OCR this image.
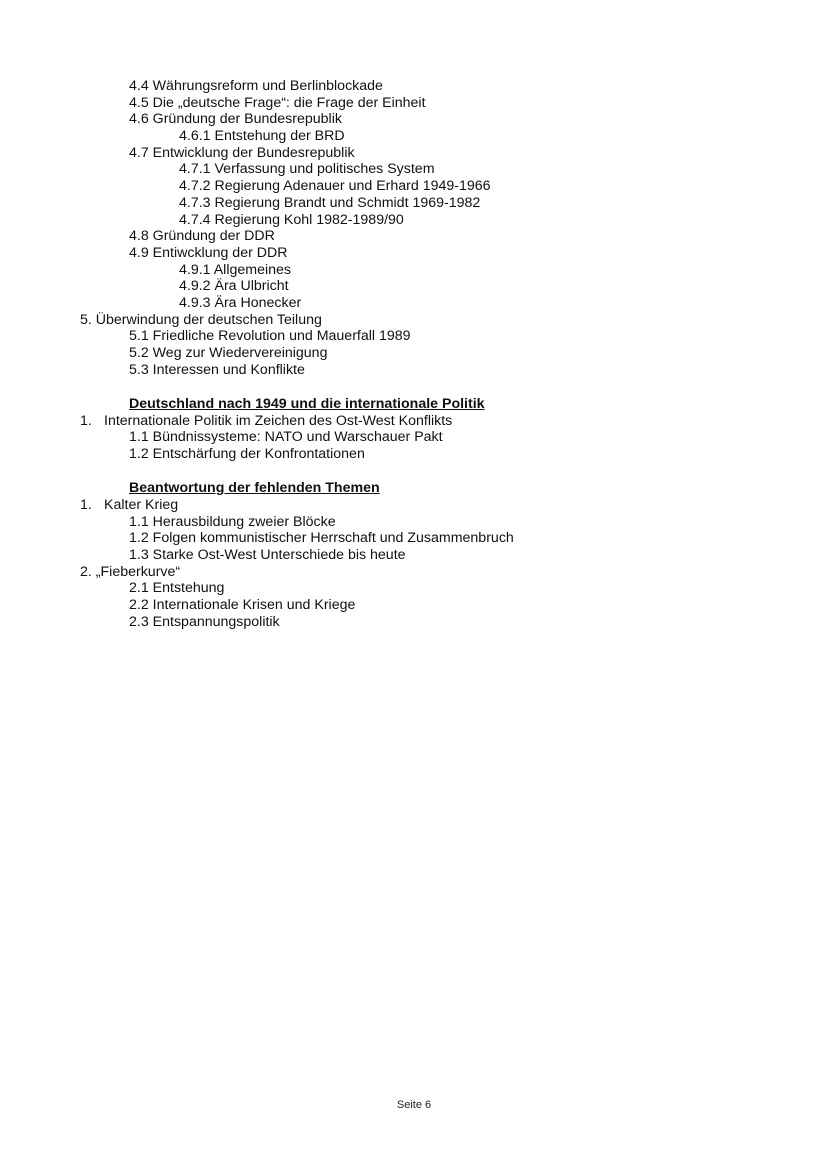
4.4 Währungsreform und Berlinblockade
4.5 Die „deutsche Frage“: die Frage der Einheit
4.6 Gründung der Bundesrepublik
4.6.1 Entstehung der BRD
4.7 Entwicklung der Bundesrepublik
4.7.1 Verfassung und politisches System
4.7.2 Regierung Adenauer und Erhard 1949-1966
4.7.3 Regierung Brandt und Schmidt 1969-1982
4.7.4 Regierung Kohl 1982-1989/90
4.8 Gründung der DDR
4.9 Entiwcklung der DDR
4.9.1 Allgemeines
4.9.2 Ära Ulbricht
4.9.3 Ära Honecker
5. Überwindung der deutschen Teilung
5.1 Friedliche Revolution und Mauerfall 1989
5.2 Weg zur Wiedervereinigung
5.3 Interessen und Konflikte
Deutschland nach 1949 und die internationale Politik
1. Internationale Politik im Zeichen des Ost-West Konflikts
1.1 Bündnissysteme: NATO und Warschauer Pakt
1.2 Entschärfung der Konfrontationen
Beantwortung der fehlenden Themen
1. Kalter Krieg
1.1 Herausbildung zweier Blöcke
1.2 Folgen kommunistischer Herrschaft und Zusammenbruch
1.3 Starke Ost-West Unterschiede bis heute
2. „Fieberkurve“
2.1 Entstehung
2.2 Internationale Krisen und Kriege
2.3 Entspannungspolitik
Seite 6
